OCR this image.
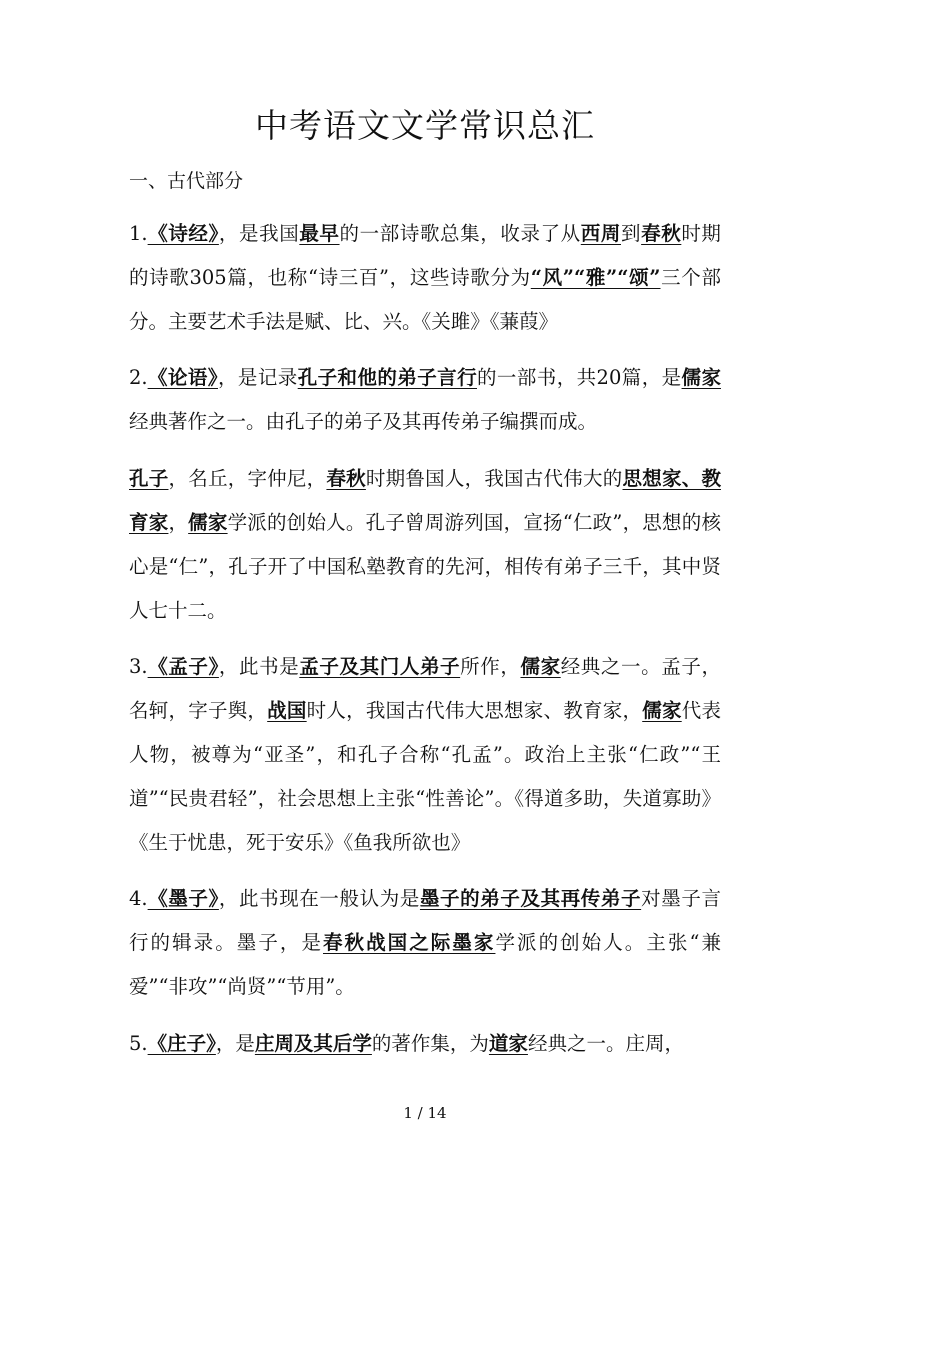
中考语文文学常识总汇

一、古代部分

1.《诗经》，是我国最早的一部诗歌总集，收录了从西周到春秋时期的诗歌305篇，也称“诗三百”，这些诗歌分为“风”“雅”“颂”三个部分。主要艺术手法是赋、比、兴。《关雎》《蒹葭》

2.《论语》，是记录孔子和他的弟子言行的一部书，共20篇，是儒家经典著作之一。由孔子的弟子及其再传弟子编撰而成。

孔子，名丘，字仲尼，春秋时期鲁国人，我国古代伟大的思想家、教育家，儒家学派的创始人。孔子曾周游列国，宣扬“仁政”，思想的核心是“仁”，孔子开了中国私塾教育的先河，相传有弟子三千，其中贤人七十二。

3.《孟子》，此书是孟子及其门人弟子所作，儒家经典之一。孟子，名轲，字子舆，战国时人，我国古代伟大思想家、教育家，儒家代表人物，被尊为“亚圣”，和孔子合称“孔孟”。政治上主张“仁政”“王道”“民贵君轻”，社会思想上主张“性善论”。《得道多助，失道寡助》《生于忧患，死于安乐》《鱼我所欲也》

4.《墨子》，此书现在一般认为是墨子的弟子及其再传弟子对墨子言行的辑录。墨子，是春秋战国之际墨家学派的创始人。主张“兼爱”“非攻”“尚贤”“节用”。

5.《庄子》，是庄周及其后学的著作集，为道家经典之一。庄周，

1 / 14
